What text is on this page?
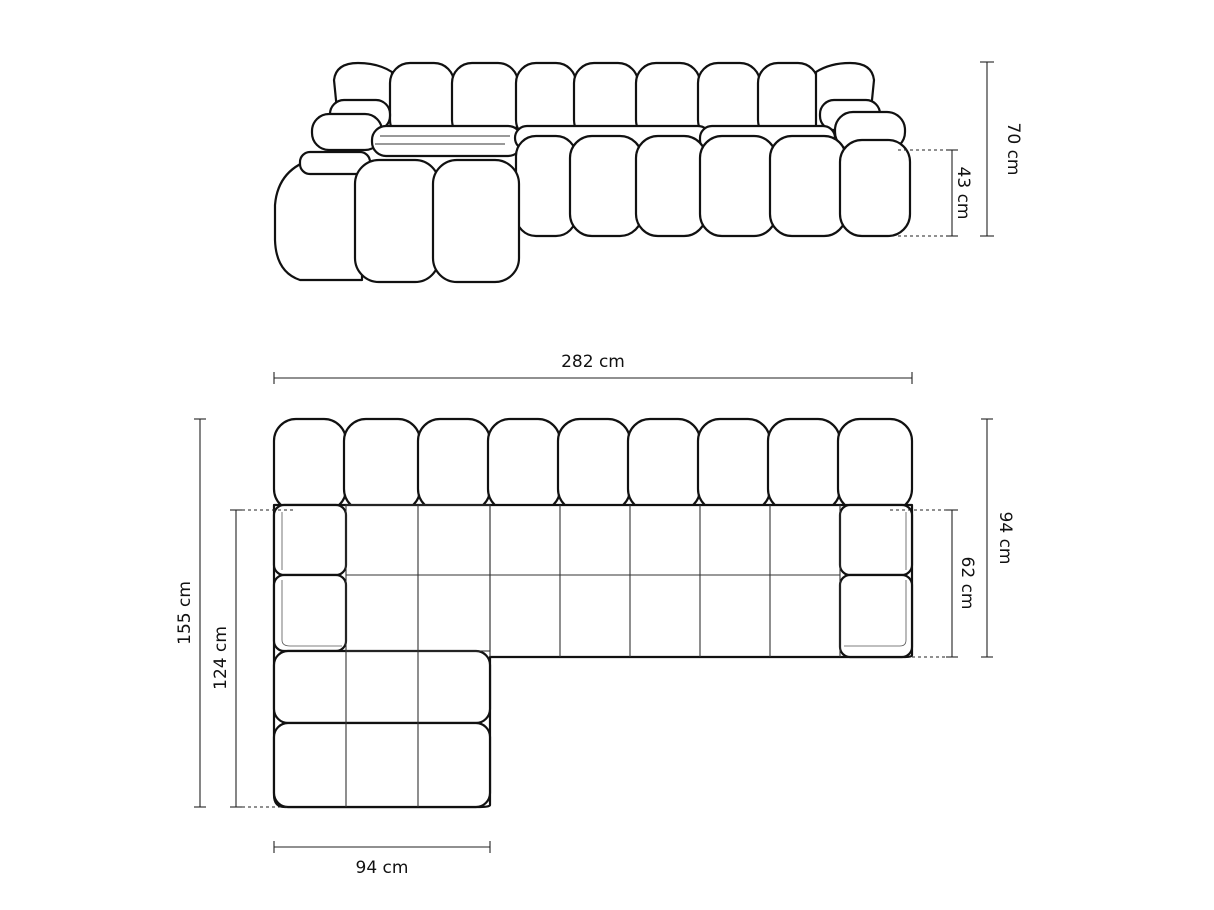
70 cm
43 cm
282 cm
155 cm
124 cm
94 cm
94 cm
62 cm
